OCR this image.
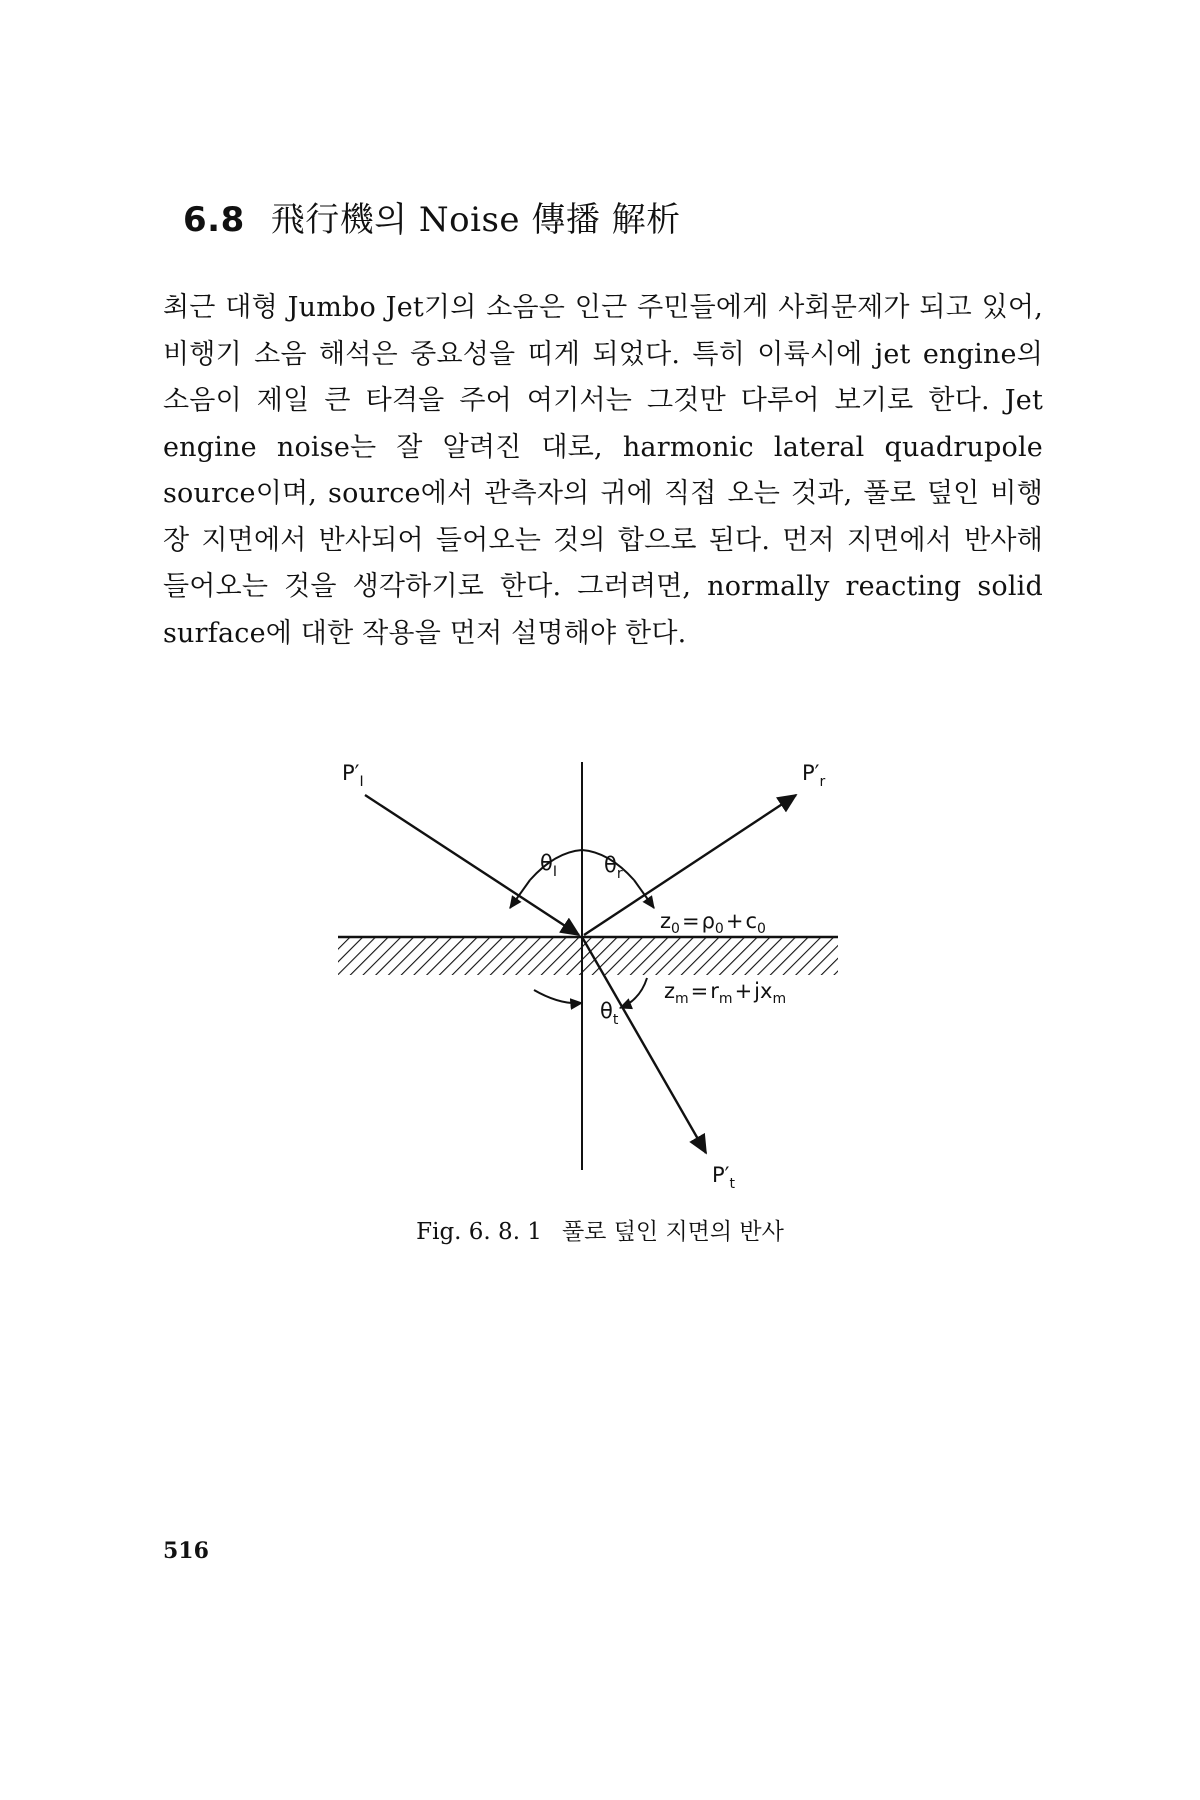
6.8 飛行機의 Noise 傳播 解析
최근 대형 Jumbo Jet기의 소음은 인근 주민들에게 사회문제가 되고 있어, 비행기 소음 해석은 중요성을 띠게 되었다. 특히 이륙시에 jet engine의 소음이 제일 큰 타격을 주어 여기서는 그것만 다루어 보기로 한다. Jet engine noise는 잘 알려진 대로, harmonic lateral quadrupole source이며, source에서 관측자의 귀에 직접 오는 것과, 풀로 덮인 비행장 지면에서 반사되어 들어오는 것의 합으로 된다. 먼저 지면에서 반사해 들어오는 것을 생각하기로 한다. 그러려면, normally reacting solid surface에 대한 작용을 먼저 설명해야 한다.
$P'_I$	$P'_r$
$P'_t$
$\theta_I$ $\theta_r$
$\theta_t$
$z_0=\rho_0+c_0$
$z_m=r_m+jx_m$
Fig. 6. 8. 1 풀로 덮인 지면의 반사
516
